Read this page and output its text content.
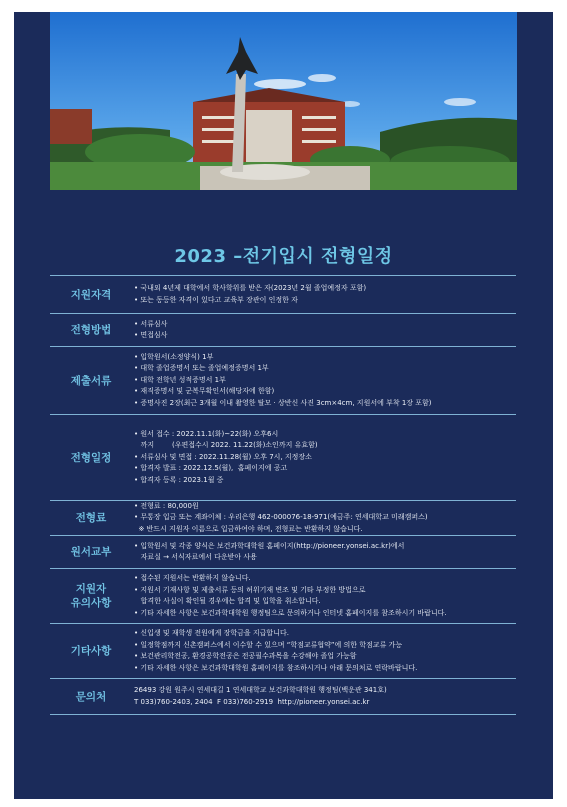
2023 –전기입시 전형일정
지원자격
• 국내외 4년제 대학에서 학사학위를 받은 자(2023년 2월 졸업예정자 포함)
• 또는 동등한 자격이 있다고 교육부 장관이 인정한 자
전형방법
• 서류심사
• 면접심사
제출서류
• 입학원서(소정양식) 1부
• 대학 졸업증명서 또는 졸업예정증명서 1부
• 대학 전학년 성적증명서 1부
• 재직증명서 및 군복무확인서(해당자에 한함)
• 증명사진 2장(최근 3개월 이내 촬영한 탈모 · 상반신 사진 3cm×4cm, 지원서에 부착 1장 포함)
전형일정
• 원서 접수 : 2022.11.1(화)~22(화) 오후6시
까지        (우편접수시 2022. 11.22(화)소인까지 유효함)
• 서류심사 및 면접 : 2022.11.28(월) 오후 7시, 지정장소
• 합격자 발표 : 2022.12.5(월),  홈페이지에 공고
• 합격자 등록 : 2023.1월 중
전형료
• 전형료 : 80,000원
• 무통장 입금 또는 계좌이체 : 우리은행 462-000076-18-971(예금주: 연세대학교 미래캠퍼스)
※ 반드시 지원자 이름으로 입금하여야 하며, 전형료는 반환하지 않습니다.
원서교부
• 입학원서 및 각종 양식은 보건과학대학원 홈페이지(http://pioneer.yonsei.ac.kr)에서
자료실 → 서식자료에서 다운받아 사용
지원자
유의사항
• 접수된 지원서는 반환하지 않습니다.
• 지원서 기재사항 및 제출서류 등의 허위기재 변조 및 기타 부정한 방법으로
합격한 사실이 확인될 경우에는 합격 및 입학을 취소합니다.
• 기타 자세한 사항은 보건과학대학원 행정팀으로 문의하거나 인터넷 홈페이지를 참조하시기 바랍니다.
기타사항
• 신입생 및 재학생 전원에게 장학금을 지급합니다.
• 일정학점까지 신촌캠퍼스에서 이수할 수 있으며 “학점교류협약”에 의한 학점교류 가능
• 보건관리학전공, 환경공학전공은 전공필수과목을 수강해야 졸업 가능함
• 기타 자세한 사항은 보건과학대학원 홈페이지를 참조하시거나 아래 문의처로 연락바랍니다.
문의처
26493 강원 원주시 연세대길 1 연세대학교 보건과학대학원 행정팀(백운관 341호)
T 033)760-2403, 2404  F 033)760-2919  http://pioneer.yonsei.ac.kr
